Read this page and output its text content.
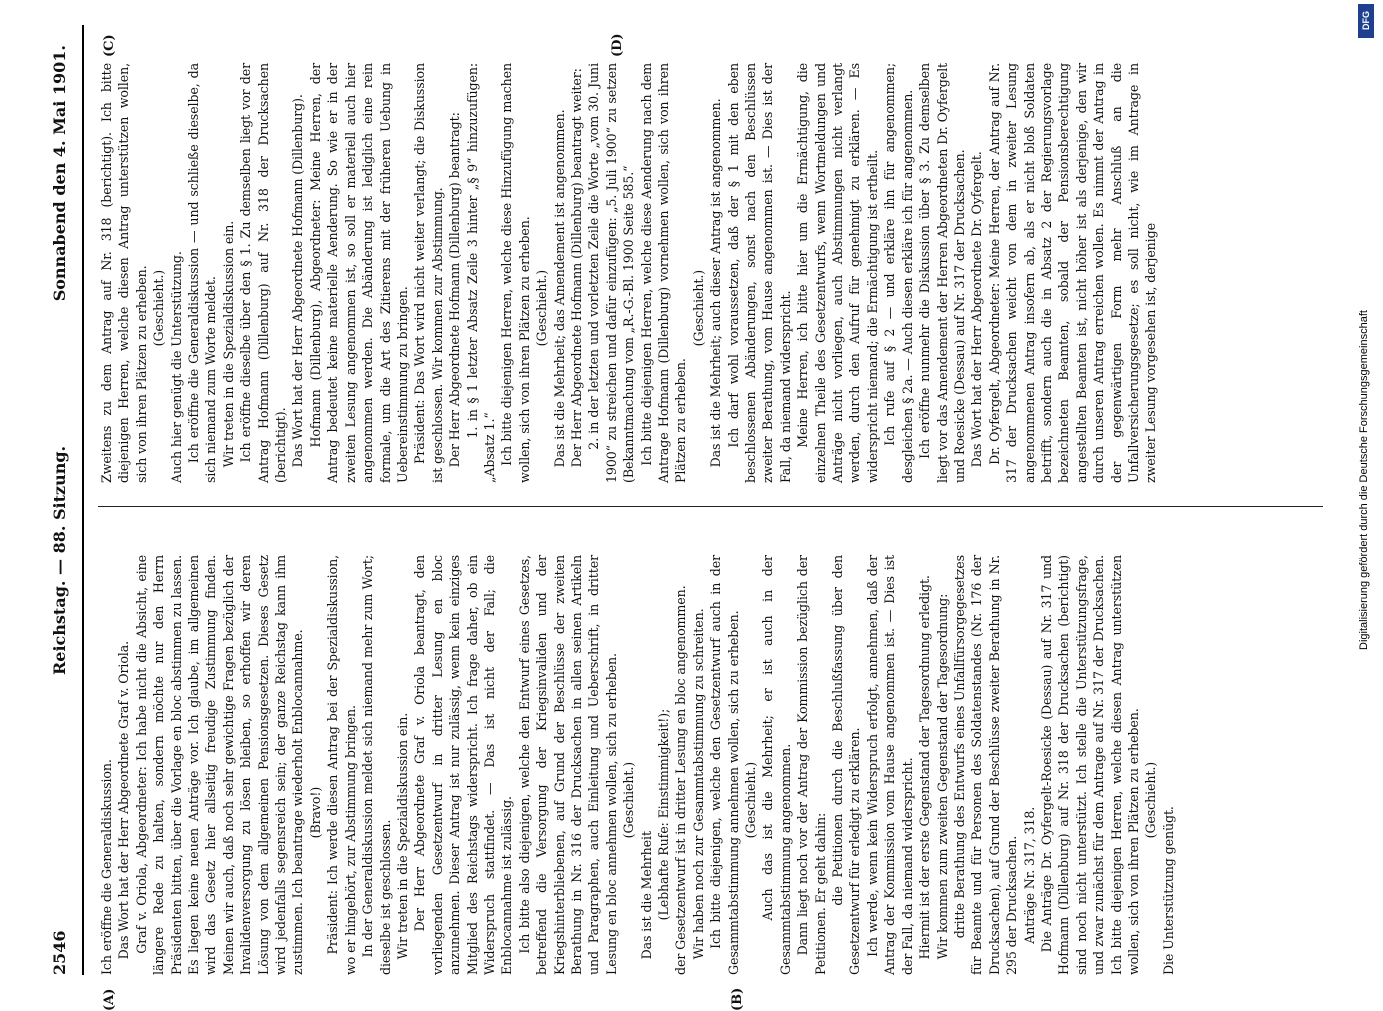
2546
Reichstag. — 88. Sitzung.
Sonnabend den 4. Mai 1901.
(A)	(B)
(C)	(D)
Ich eröffne die Generaldiskussion.
Das Wort hat der Herr Abgeordnete Graf v. Oriola.
Graf v. Oriola, Abgeordneter: Ich habe nicht die Absicht, eine längere Rede zu halten, sondern möchte nur den Herrn Präsidenten bitten, über die Vorlage en bloc abstimmen zu lassen. Es liegen keine neuen Anträge vor. Ich glaube, im allgemeinen wird das Gesetz hier allseitig freudige Zustimmung finden. Meinen wir auch, daß noch sehr gewichtige Fragen bezüglich der Invalidenversorgung zu lösen bleiben, so erhoffen wir deren Lösung von dem allgemeinen Pensionsgesetzen. Dieses Gesetz wird jedenfalls segensreich sein; der ganze Reichstag kann ihm zustimmen. Ich beantrage wiederholt Enblocannahme.
(Bravo!)
Präsident: Ich werde diesen Antrag bei der Spezialdiskussion, wo er hingehört, zur Abstimmung bringen.
In der Generaldiskussion meldet sich niemand mehr zum Wort; dieselbe ist geschlossen.
Wir treten in die Spezialdiskussion ein.
Der Herr Abgeordnete Graf v. Oriola beantragt, den vorliegenden Gesetzentwurf in dritter Lesung en bloc anzunehmen. Dieser Antrag ist nur zulässig, wenn kein einziges Mitglied des Reichstags widerspricht. Ich frage daher, ob ein Widerspruch stattfindet. — Das ist nicht der Fall; die Enblocannahme ist zulässig.
Ich bitte also diejenigen, welche den Entwurf eines Gesetzes, betreffend die Versorgung der Kriegsinvaliden und der Kriegshinterbliebenen, auf Grund der Beschlüsse der zweiten Berathung in Nr. 316 der Drucksachen in allen seinen Artikeln und Paragraphen, auch Einleitung und Ueberschrift, in dritter Lesung en bloc annehmen wollen, sich zu erheben.
(Geschieht.)
Das ist die Mehrheit
(Lebhafte Rufe: Einstimmigkeit!);
der Gesetzentwurf ist in dritter Lesung en bloc angenommen.
Wir haben noch zur Gesammtabstimmung zu schreiten.
Ich bitte diejenigen, welche den Gesetzentwurf auch in der Gesammtabstimmung annehmen wollen, sich zu erheben.
(Geschieht.)
Auch das ist die Mehrheit; er ist auch in der Gesammtabstimmung angenommen.
Dann liegt noch vor der Antrag der Kommission bezüglich der Petitionen. Er geht dahin:
die Petitionen durch die Beschlußfassung über den Gesetzentwurf für erledigt zu erklären.
Ich werde, wenn kein Widerspruch erfolgt, annehmen, daß der Antrag der Kommission vom Hause angenommen ist. — Dies ist der Fall, da niemand widerspricht.
Hiermit ist der erste Gegenstand der Tagesordnung erledigt.
Wir kommen zum zweiten Gegenstand der Tagesordnung:
dritte Berathung des Entwurfs eines Unfallfürsorgegesetzes für Beamte und für Personen des Soldatenstandes (Nr. 176 der Drucksachen), auf Grund der Beschlüsse zweiter Berathung in Nr. 295 der Drucksachen.
Anträge Nr. 317, 318.
Die Anträge Dr. Oyfergelt-Roesicke (Dessau) auf Nr. 317 und Hofmann (Dillenburg) auf Nr. 318 der Drucksachen (berichtigt) sind noch nicht unterstützt. Ich stelle die Unterstützungsfrage, und zwar zunächst für dem Antrage auf Nr. 317 der Drucksachen. Ich bitte diejenigen Herren, welche diesen Antrag unterstützen wollen, sich von ihren Plätzen zu erheben.
(Geschieht.)
Die Unterstützung genügt.
Zweitens zu dem Antrag auf Nr. 318 (berichtigt). Ich bitte diejenigen Herren, welche diesen Antrag unterstützen wollen, sich von ihren Plätzen zu erheben.
(Geschieht.)
Auch hier genügt die Unterstützung.
Ich eröffne die Generaldiskussion — und schließe dieselbe, da sich niemand zum Worte meldet.
Wir treten in die Spezialdiskussion ein.
Ich eröffne dieselbe über den § 1. Zu demselben liegt vor der Antrag Hofmann (Dillenburg) auf Nr. 318 der Drucksachen (berichtigt).
Das Wort hat der Herr Abgeordnete Hofmann (Dillenburg).
Hofmann (Dillenburg), Abgeordneter: Meine Herren, der Antrag bedeutet keine materielle Aenderung. So wie er in der zweiten Lesung angenommen ist, so soll er materiell auch hier angenommen werden. Die Abänderung ist lediglich eine rein formale, um die Art des Zitierens mit der früheren Uebung in Uebereinstimmung zu bringen.
Präsident: Das Wort wird nicht weiter verlangt; die Diskussion ist geschlossen. Wir kommen zur Abstimmung.
Der Herr Abgeordnete Hofmann (Dillenburg) beantragt:
1. in § 1 letzter Absatz Zeile 3 hinter „§ 9“ hinzuzufügen: „Absatz 1.“
Ich bitte diejenigen Herren, welche diese Hinzufügung machen wollen, sich von ihren Plätzen zu erheben.
(Geschieht.)
Das ist die Mehrheit; das Amendement ist angenommen.
Der Herr Abgeordnete Hofmann (Dillenburg) beantragt weiter:
2. in der letzten und vorletzten Zeile die Worte „vom 30. Juni 1900“ zu streichen und dafür einzufügen: „5. Juli 1900“ zu setzen (Bekanntmachung vom „R.-G.-Bl. 1900 Seite 585.“
Ich bitte diejenigen Herren, welche diese Aenderung nach dem Antrage Hofmann (Dillenburg) vornehmen wollen, sich von ihren Plätzen zu erheben.
(Geschieht.)
Das ist die Mehrheit; auch dieser Antrag ist angenommen.
Ich darf wohl voraussetzen, daß der § 1 mit den eben beschlossenen Abänderungen, sonst nach den Beschlüssen zweiter Berathung, vom Hause angenommen ist. — Dies ist der Fall, da niemand widerspricht.
Meine Herren, ich bitte hier um die Ermächtigung, die einzelnen Theile des Gesetzentwurfs, wenn Wortmeldungen und Anträge nicht vorliegen, auch Abstimmungen nicht verlangt werden, durch den Aufruf für genehmigt zu erklären. — Es widerspricht niemand; die Ermächtigung ist ertheilt.
Ich rufe auf § 2 — und erkläre ihn für angenommen; desgleichen § 2a. — Auch diesen erkläre ich für angenommen.
Ich eröffne nunmehr die Diskussion über § 3. Zu demselben liegt vor das Amendement der Herren Abgeordneten Dr. Oyfergelt und Roesicke (Dessau) auf Nr. 317 der Drucksachen.
Das Wort hat der Herr Abgeordnete Dr. Oyfergelt.
Dr. Oyfergelt, Abgeordneter: Meine Herren, der Antrag auf Nr. 317 der Drucksachen weicht von dem in zweiter Lesung angenommenen Antrag insofern ab, als er nicht bloß Soldaten betrifft, sondern auch die in Absatz 2 der Regierungsvorlage bezeichneten Beamten, sobald der Pensionsberechtigung angestellten Beamten ist, nicht höher ist als derjenige, den wir durch unseren Antrag erreichen wollen. Es nimmt der Antrag in der gegenwärtigen Form mehr Anschluß an die Unfallversicherungsgesetze; es soll nicht, wie im Antrage in zweiter Lesung vorgesehen ist, derjenige
DFG
Digitalisierung gefördert durch die Deutsche Forschungsgemeinschaft
